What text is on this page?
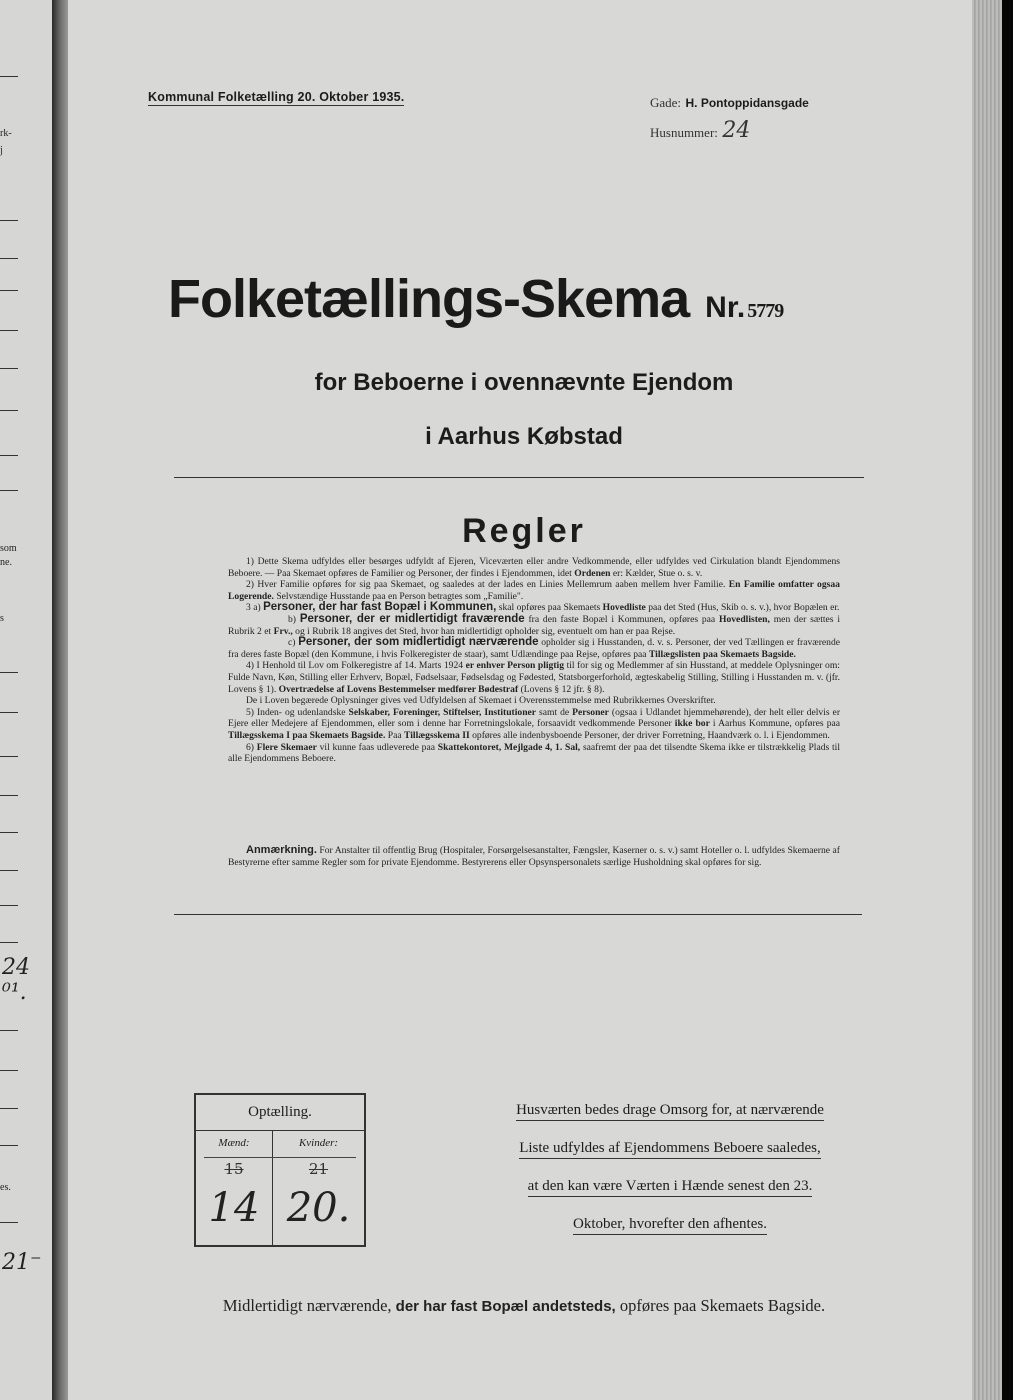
rk-
j
som
ne.
s
24 ⁰¹.
es.
21⁻
Kommunal Folketælling 20. Oktober 1935.	Gade: H. Pontoppidansgade
Husnummer: 24
Folketællings-Skema Nr. 5779
for Beboerne i ovennævnte Ejendom
i Aarhus Købstad
Regler

1) Dette Skema udfyldes eller besørges udfyldt af Ejeren, Viceværten eller andre Vedkommende, eller udfyldes ved Cirkulation blandt Ejendommens Beboere. — Paa Skemaet opføres de Familier og Personer, der findes i Ejendommen, idet Ordenen er: Kælder, Stue o. s. v.

2) Hver Familie opføres for sig paa Skemaet, og saaledes at der lades en Linies Mellemrum aaben mellem hver Familie. En Familie omfatter ogsaa Logerende. Selvstændige Husstande paa en Person betragtes som „Familie".

3 a) Personer, der har fast Bopæl i Kommunen, skal opføres paa Skemaets Hovedliste paa det Sted (Hus, Skib o. s. v.), hvor Bopælen er.

b) Personer, der er midlertidigt fraværende fra den faste Bopæl i Kommunen, opføres paa Hovedlisten, men der sættes i Rubrik 2 et Frv., og i Rubrik 18 angives det Sted, hvor han midlertidigt opholder sig, eventuelt om han er paa Rejse.

c) Personer, der som midlertidigt nærværende opholder sig i Husstanden, d. v. s. Personer, der ved Tællingen er fraværende fra deres faste Bopæl (den Kommune, i hvis Folkeregister de staar), samt Udlændinge paa Rejse, opføres paa Tillægslisten paa Skemaets Bagside.

4) I Henhold til Lov om Folkeregistre af 14. Marts 1924 er enhver Person pligtig til for sig og Medlemmer af sin Husstand, at meddele Oplysninger om: Fulde Navn, Køn, Stilling eller Erhverv, Bopæl, Fødselsaar, Fødselsdag og Fødested, Statsborgerforhold, ægteskabelig Stilling, Stilling i Husstanden m. v. (jfr. Lovens § 1). Overtrædelse af Lovens Bestemmelser medfører Bødestraf (Lovens § 12 jfr. § 8).

De i Loven begærede Oplysninger gives ved Udfyldelsen af Skemaet i Overensstemmelse med Rubrikkernes Overskrifter.

5) Inden- og udenlandske Selskaber, Foreninger, Stiftelser, Institutioner samt de Personer (ogsaa i Udlandet hjemmehørende), der helt eller delvis er Ejere eller Medejere af Ejendommen, eller som i denne har Forretningslokale, forsaavidt vedkommende Personer ikke bor i Aarhus Kommune, opføres paa Tillægsskema I paa Skemaets Bagside. Paa Tillægsskema II opføres alle indenbysboende Personer, der driver Forretning, Haandværk o. l. i Ejendommen.

6) Flere Skemaer vil kunne faas udleverede paa Skattekontoret, Mejlgade 4, 1. Sal, saafremt der paa det tilsendte Skema ikke er tilstrækkelig Plads til alle Ejendommens Beboere.

Anmærkning. For Anstalter til offentlig Brug (Hospitaler, Forsørgelsesanstalter, Fængsler, Kaserner o. s. v.) samt Hoteller o. l. udfyldes Skemaerne af Bestyrerne efter samme Regler som for private Ejendomme. Bestyrerens eller Opsynspersonalets særlige Husholdning skal opføres for sig.
Optælling.
Mænd:	Kvinder:
15	21
14 20.
Husværten bedes drage Omsorg for, at nærværende
Liste udfyldes af Ejendommens Beboere saaledes,
at den kan være Værten i Hænde senest den 23.
Oktober, hvorefter den afhentes.
Midlertidigt nærværende, der har fast Bopæl andetsteds, opføres paa Skemaets Bagside.
